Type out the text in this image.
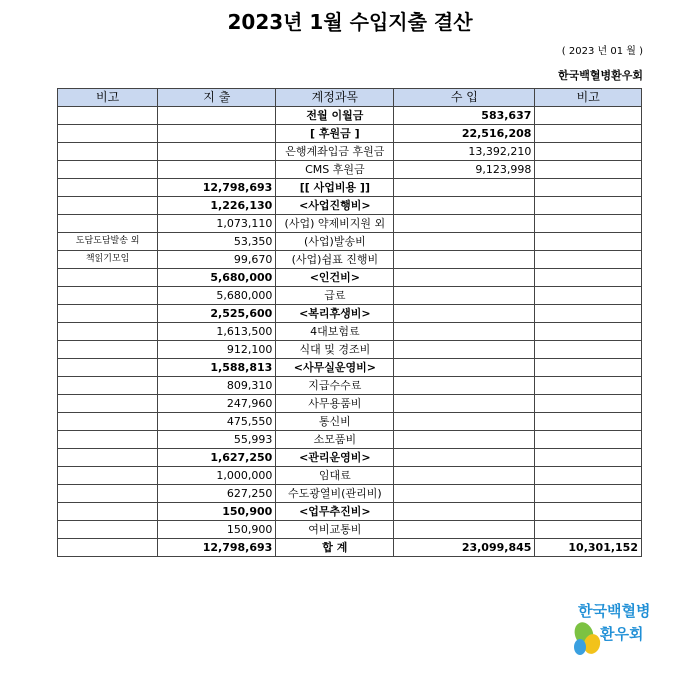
2023년 1월 수입지출 결산
( 2023 년 01 월 )
한국백혈병환우회
비고	지 출	계정과목	수 입	비고
		전월 이월금	583,637	
		[ 후원금 ]	22,516,208	
		은행계좌입금 후원금	13,392,210	
		CMS 후원금	9,123,998	
	12,798,693	[[ 사업비용 ]]		
	1,226,130	<사업진행비>		
	1,073,110	(사업) 약제비지원 외		
도담도담발송 외	53,350	(사업)발송비		
책읽기모임	99,670	(사업)쉼표 진행비		
	5,680,000	<인건비>		
	5,680,000	급료		
	2,525,600	<복리후생비>		
	1,613,500	4대보험료		
	912,100	식대 및 경조비		
	1,588,813	<사무실운영비>		
	809,310	지급수수료		
	247,960	사무용품비		
	475,550	통신비		
	55,993	소모품비		
	1,627,250	<관리운영비>		
	1,000,000	임대료		
	627,250	수도광열비(관리비)		
	150,900	<업무추진비>		
	150,900	여비교통비		
	12,798,693	합 계	23,099,845	10,301,152
한국백혈병
환우회
